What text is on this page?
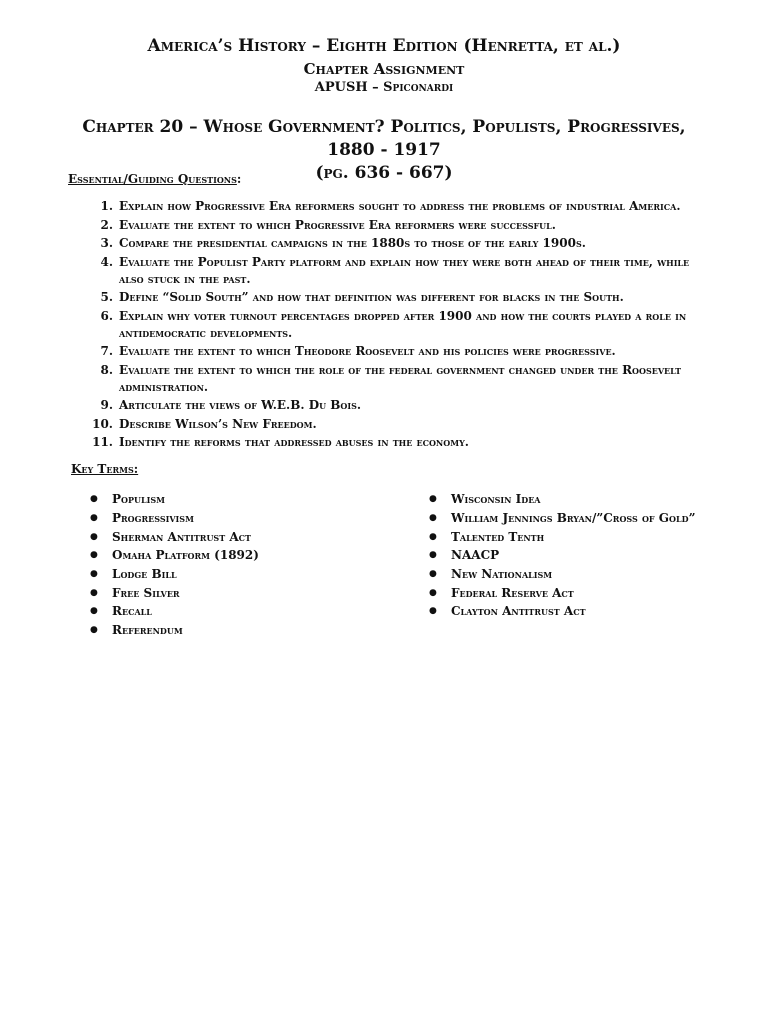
America’s History – Eighth Edition (Henretta, et al.)
Chapter Assignment
APUSH – Spiconardi
Chapter 20 – Whose Government? Politics, Populists, Progressives, 1880 - 1917
(pg. 636 - 667)
Essential/Guiding Questions:
1. Explain how Progressive Era reformers sought to address the problems of industrial America.
2. Evaluate the extent to which Progressive Era reformers were successful.
3. Compare the presidential campaigns in the 1880s to those of the early 1900s.
4. Evaluate the Populist Party platform and explain how they were both ahead of their time, while also stuck in the past.
5. Define “Solid South” and how that definition was different for blacks in the South.
6. Explain why voter turnout percentages dropped after 1900 and how the courts played a role in antidemocratic developments.
7. Evaluate the extent to which Theodore Roosevelt and his policies were progressive.
8. Evaluate the extent to which the role of the federal government changed under the Roosevelt administration.
9. Articulate the views of W.E.B. Du Bois.
10. Describe Wilson’s New Freedom.
11. Identify the reforms that addressed abuses in the economy.
Key Terms:
●	Populism
●	Progressivism
●	Sherman Antitrust Act
●	Omaha Platform (1892)
●	Lodge Bill
●	Free Silver
●	Recall
●	Referendum
●	Wisconsin Idea
●	William Jennings Bryan/”Cross of Gold”
●	Talented Tenth
●	NAACP
●	New Nationalism
●	Federal Reserve Act
●	Clayton Antitrust Act
